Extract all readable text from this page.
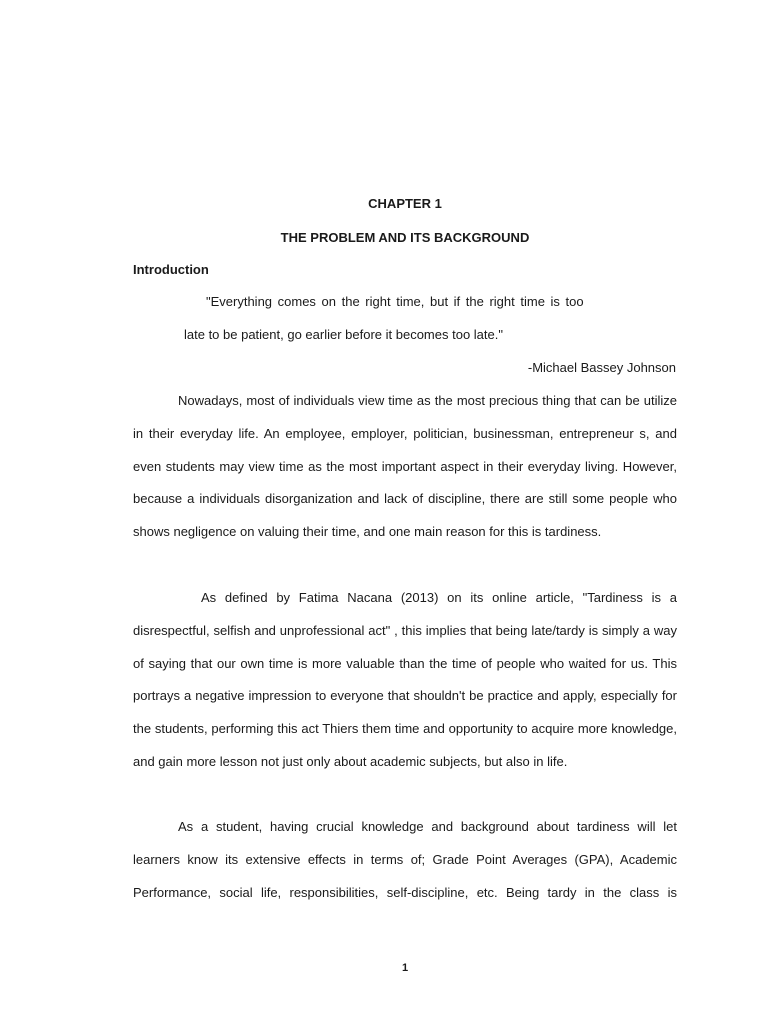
CHAPTER 1
THE PROBLEM AND ITS BACKGROUND
Introduction
"Everything comes on the right time, but if the right time is too
late to be patient, go earlier before it becomes too late."
-Michael Bassey Johnson
Nowadays, most of individuals view time as the most precious thing that can be utilize in their everyday life. An employee, employer, politician, businessman, entrepreneur s, and even students may view time as the most important aspect in their everyday living. However, because a individuals disorganization and lack of discipline, there are still some people who shows negligence on valuing their time, and one main reason for this is tardiness.
As defined by Fatima Nacana (2013) on its online article, "Tardiness is a disrespectful, selfish and unprofessional act" , this implies that being late/tardy is simply a way of saying that our own time is more valuable than the time of people who waited for us. This portrays a negative impression to everyone that shouldn't be practice and apply, especially for the students, performing this act Thiers them time and opportunity to acquire more knowledge, and gain more lesson not just only about academic subjects, but also in life.
As a student, having crucial knowledge and background about tardiness will let learners know its extensive effects in terms of; Grade Point Averages (GPA), Academic Performance, social life, responsibilities, self-discipline, etc. Being tardy in the class is
1
